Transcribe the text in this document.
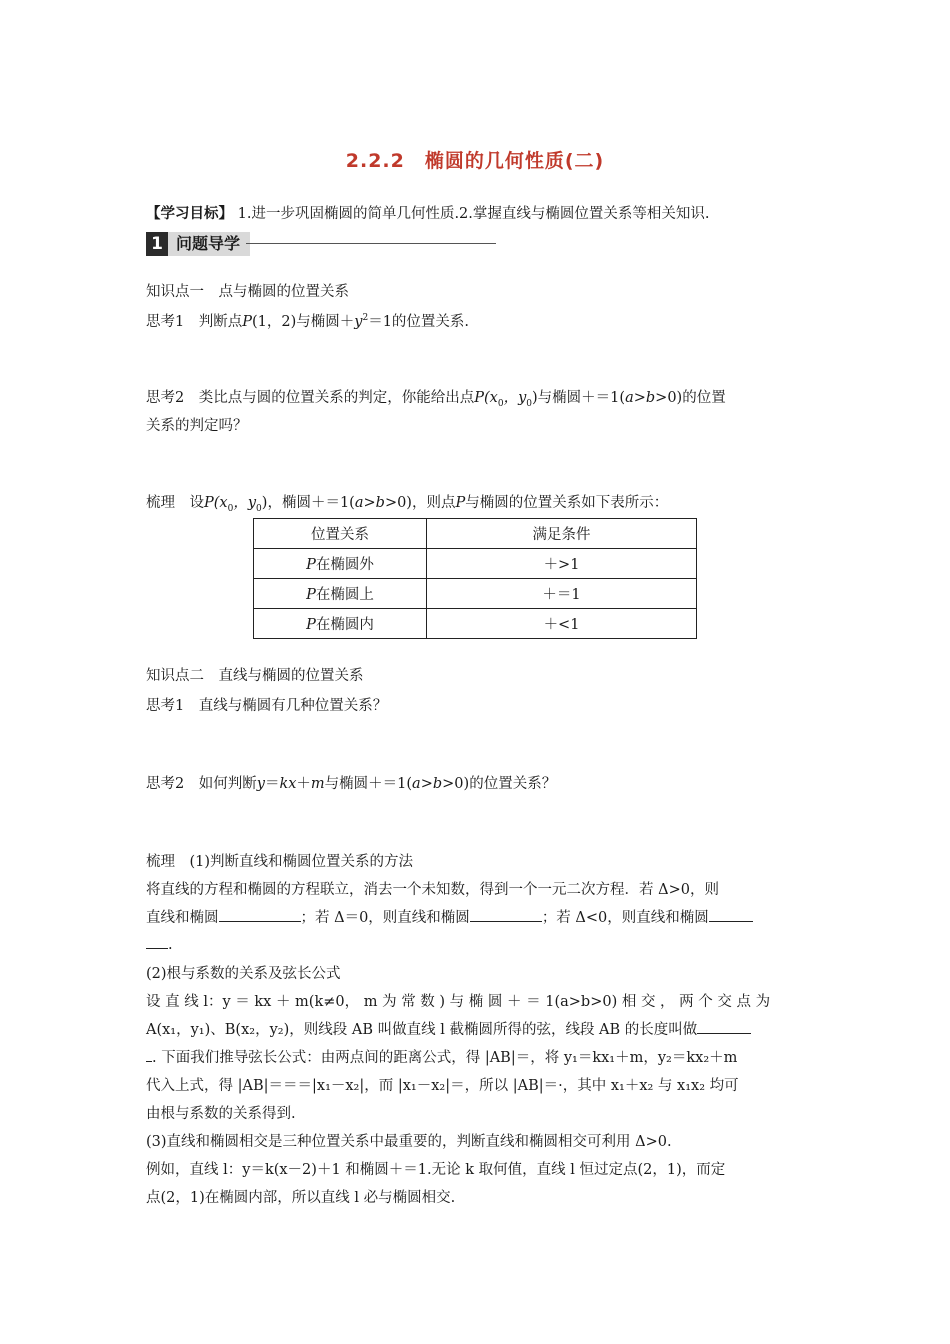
2.2.2　椭圆的几何性质(二)
【学习目标】 1.进一步巩固椭圆的简单几何性质.2.掌握直线与椭圆位置关系等相关知识.
1 问题导学
知识点一　点与椭圆的位置关系
思考1　判断点P(1，2)与椭圆$+y^2=1$的位置关系.
思考2　类比点与圆的位置关系的判定，你能给出点$P(x_0$，$y_0$)与椭圆＋＝1(a>b>0)的位置
关系的判定吗？
梳理　设$P(x_0$，$y_0$)，椭圆＋＝1(a>b>0)，则点P与椭圆的位置关系如下表所示：
位置关系	满足条件
P在椭圆外	＋>1
P在椭圆上	＋＝1
P在椭圆内	＋<1
知识点二　直线与椭圆的位置关系
思考1　直线与椭圆有几种位置关系？
思考2　如何判断y＝kx＋m与椭圆＋＝1(a>b>0)的位置关系？
梳理　(1)判断直线和椭圆位置关系的方法
将直线的方程和椭圆的方程联立，消去一个未知数，得到一个一元二次方程．若 Δ>0，则
直线和椭圆	；若 Δ＝0，则直线和椭圆	；若 Δ<0，则直线和椭圆
.
(2)根与系数的关系及弦长公式
设 直 线 l：y ＝ kx ＋ m(k≠0， m 为 常 数 ) 与 椭 圆 ＋ ＝ 1(a>b>0) 相 交 ， 两 个 交 点 为
A(x₁，y₁)、B(x₂，y₂)，则线段 AB 叫做直线 l 截椭圆所得的弦，线段 AB 的长度叫做
. 下面我们推导弦长公式：由两点间的距离公式，得 |AB|＝，将 y₁＝kx₁＋m，y₂＝kx₂＋m
代入上式，得 |AB|＝＝＝|x₁－x₂|，而 |x₁－x₂|＝，所以 |AB|＝·，其中 x₁＋x₂ 与 x₁x₂ 均可
由根与系数的关系得到.
(3)直线和椭圆相交是三种位置关系中最重要的，判断直线和椭圆相交可利用 Δ>0.
例如，直线 l：y＝k(x－2)＋1 和椭圆＋＝1.无论 k 取何值，直线 l 恒过定点(2，1)，而定
点(2，1)在椭圆内部，所以直线 l 必与椭圆相交.
